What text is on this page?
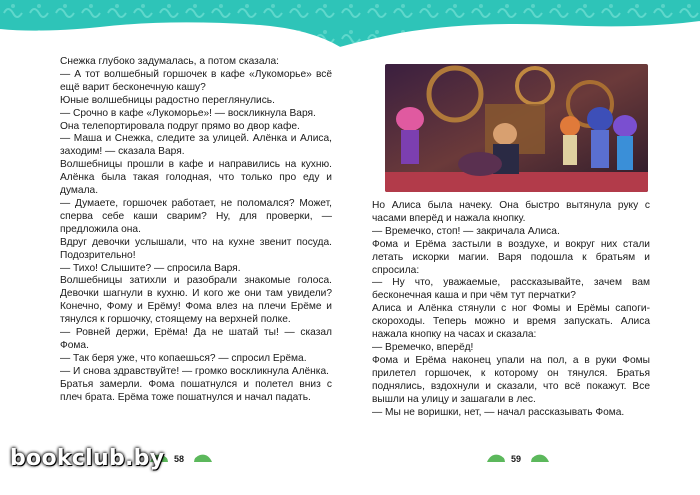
Снежка глубоко задумалась, а потом сказала:

— А тот волшебный горшочек в кафе «Лукоморье» всё ещё варит бесконечную кашу?

Юные волшебницы радостно переглянулись.

— Срочно в кафе «Лукоморье»! — воскликнула Варя.

Она телепортировала подруг прямо во двор кафе.

— Маша и Снежка, следите за улицей. Алёнка и Алиса, заходим! — сказала Варя.

Волшебницы прошли в кафе и направились на кухню. Алёнка была такая голодная, что только про еду и думала.

— Думаете, горшочек работает, не поломался? Может, сперва себе каши сварим? Ну, для проверки, — предложила она.

Вдруг девочки услышали, что на кухне звенит посуда. Подозрительно!

— Тихо! Слышите? — спросила Варя.

Волшебницы затихли и разобрали знакомые голоса. Девочки шагнули в кухню. И кого же они там увидели? Конечно, Фому и Ерёму! Фома влез на плечи Ерёме и тянулся к горшочку, стоящему на верхней полке.

— Ровней держи, Ерёма! Да не шатай ты! — сказал Фома.

— Так беря уже, что копаешься? — спросил Ерёма.

— И снова здравствуйте! — громко воскликнула Алёнка.

Братья замерли. Фома пошатнулся и полетел вниз с плеч брата. Ерёма тоже пошатнулся и начал падать.

Но Алиса была начеку. Она быстро вытянула руку с часами вперёд и нажала кнопку.

— Времечко, стоп! — закричала Алиса.

Фома и Ерёма застыли в воздухе, и вокруг них стали летать искорки магии. Варя подошла к братьям и спросила:

— Ну что, уважаемые, рассказывайте, зачем вам бесконечная каша и при чём тут перчатки?

Алиса и Алёнка стянули с ног Фомы и Ерёмы сапоги-скороходы. Теперь можно и время запускать. Алиса нажала кнопку на часах и сказала:

— Времечко, вперёд!

Фома и Ерёма наконец упали на пол, а в руки Фомы прилетел горшочек, к которому он тянулся. Братья поднялись, вздохнули и сказали, что всё покажут. Все вышли на улицу и зашагали в лес.

— Мы не воришки, нет, — начал рассказывать Фома.

58	59
bookclub.by
